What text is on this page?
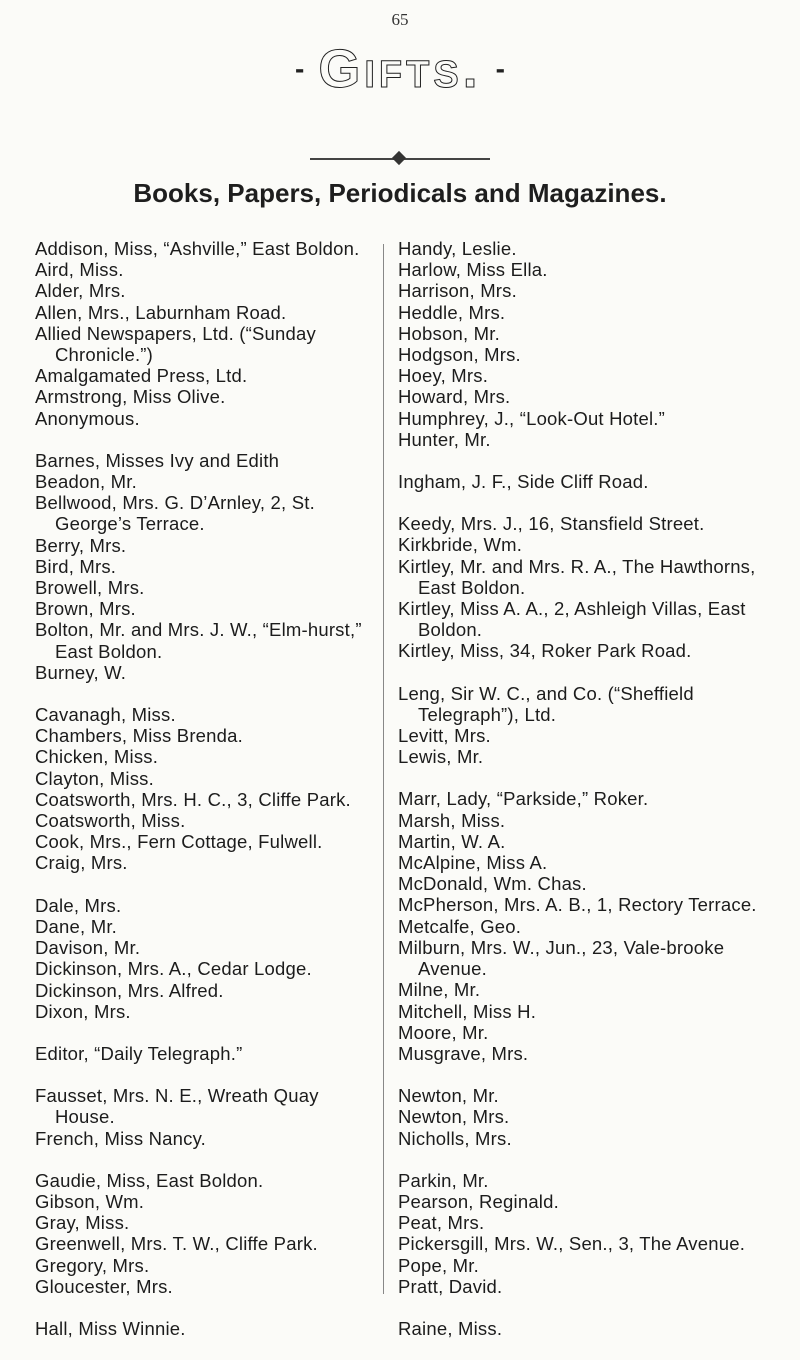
65
- Gifts. -
Books, Papers, Periodicals and Magazines.
Addison, Miss, “Ashville,” East Boldon.
Aird, Miss.
Alder, Mrs.
Allen, Mrs., Laburnham Road.
Allied Newspapers, Ltd. (“Sunday Chronicle.”)
Amalgamated Press, Ltd.
Armstrong, Miss Olive.
Anonymous.
Barnes, Misses Ivy and Edith
Beadon, Mr.
Bellwood, Mrs. G. D’Arnley, 2, St. George’s Terrace.
Berry, Mrs.
Bird, Mrs.
Browell, Mrs.
Brown, Mrs.
Bolton, Mr. and Mrs. J. W., “Elm-hurst,” East Boldon.
Burney, W.
Cavanagh, Miss.
Chambers, Miss Brenda.
Chicken, Miss.
Clayton, Miss.
Coatsworth, Mrs. H. C., 3, Cliffe Park.
Coatsworth, Miss.
Cook, Mrs., Fern Cottage, Fulwell.
Craig, Mrs.
Dale, Mrs.
Dane, Mr.
Davison, Mr.
Dickinson, Mrs. A., Cedar Lodge.
Dickinson, Mrs. Alfred.
Dixon, Mrs.
Editor, “Daily Telegraph.”
Fausset, Mrs. N. E., Wreath Quay House.
French, Miss Nancy.
Gaudie, Miss, East Boldon.
Gibson, Wm.
Gray, Miss.
Greenwell, Mrs. T. W., Cliffe Park.
Gregory, Mrs.
Gloucester, Mrs.
Hall, Miss Winnie.
Handy, Leslie.
Harlow, Miss Ella.
Harrison, Mrs.
Heddle, Mrs.
Hobson, Mr.
Hodgson, Mrs.
Hoey, Mrs.
Howard, Mrs.
Humphrey, J., “Look-Out Hotel.”
Hunter, Mr.
Ingham, J. F., Side Cliff Road.
Keedy, Mrs. J., 16, Stansfield Street.
Kirkbride, Wm.
Kirtley, Mr. and Mrs. R. A., The Hawthorns, East Boldon.
Kirtley, Miss A. A., 2, Ashleigh Villas, East Boldon.
Kirtley, Miss, 34, Roker Park Road.
Leng, Sir W. C., and Co. (“Sheffield Telegraph”), Ltd.
Levitt, Mrs.
Lewis, Mr.
Marr, Lady, “Parkside,” Roker.
Marsh, Miss.
Martin, W. A.
McAlpine, Miss A.
McDonald, Wm. Chas.
McPherson, Mrs. A. B., 1, Rectory Terrace.
Metcalfe, Geo.
Milburn, Mrs. W., Jun., 23, Vale-brooke Avenue.
Milne, Mr.
Mitchell, Miss H.
Moore, Mr.
Musgrave, Mrs.
Newton, Mr.
Newton, Mrs.
Nicholls, Mrs.
Parkin, Mr.
Pearson, Reginald.
Peat, Mrs.
Pickersgill, Mrs. W., Sen., 3, The Avenue.
Pope, Mr.
Pratt, David.
Raine, Miss.
